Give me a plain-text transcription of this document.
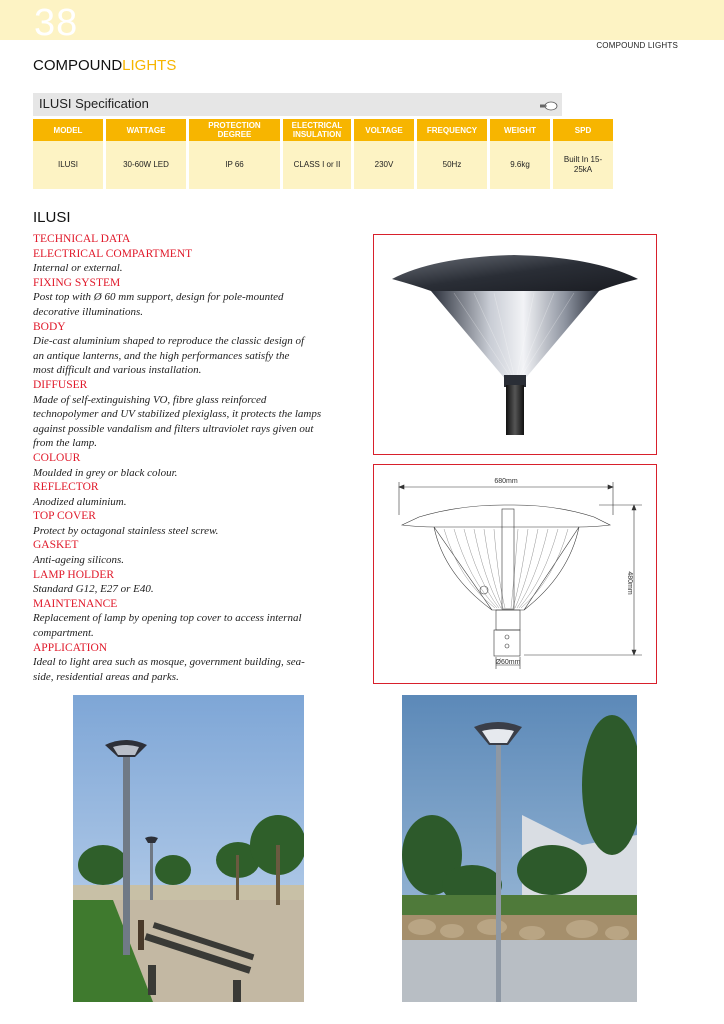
38
COMPOUND LIGHTS
COMPOUNDLIGHTS
ILUSI Specification
MODEL	WATTAGE	PROTECTION DEGREE	ELECTRICAL INSULATION	VOLTAGE	FREQUENCY	WEIGHT	SPD
ILUSI	30-60W LED	IP 66	CLASS I or II	230V	50Hz	9.6kg	Built In 15-25kA
ILUSI
TECHNICAL DATA
ELECTRICAL COMPARTMENT
Internal or external.
FIXING SYSTEM
Post top with Ø 60 mm support, design for pole-mounted decorative illuminations.
BODY
Die-cast aluminium shaped to reproduce the classic design of an antique lanterns, and the high performances satisfy the most difficult and various installation.
DIFFUSER
Made of self-extinguishing VO, fibre glass reinforced technopolymer and UV stabilized plexiglass, it protects the lamps against possible vandalism and filters ultraviolet rays given out from the lamp.
COLOUR
Moulded in grey or black colour.
REFLECTOR
Anodized aluminium.
TOP COVER
Protect by octagonal stainless steel screw.
GASKET
Anti-ageing silicons.
LAMP HOLDER
Standard G12, E27 or E40.
MAINTENANCE
Replacement of lamp by opening top cover to access internal compartment.
APPLICATION
Ideal to light area such as mosque, government building, sea-side, residential areas and parks.
680mm
480mm
Ø60mm
